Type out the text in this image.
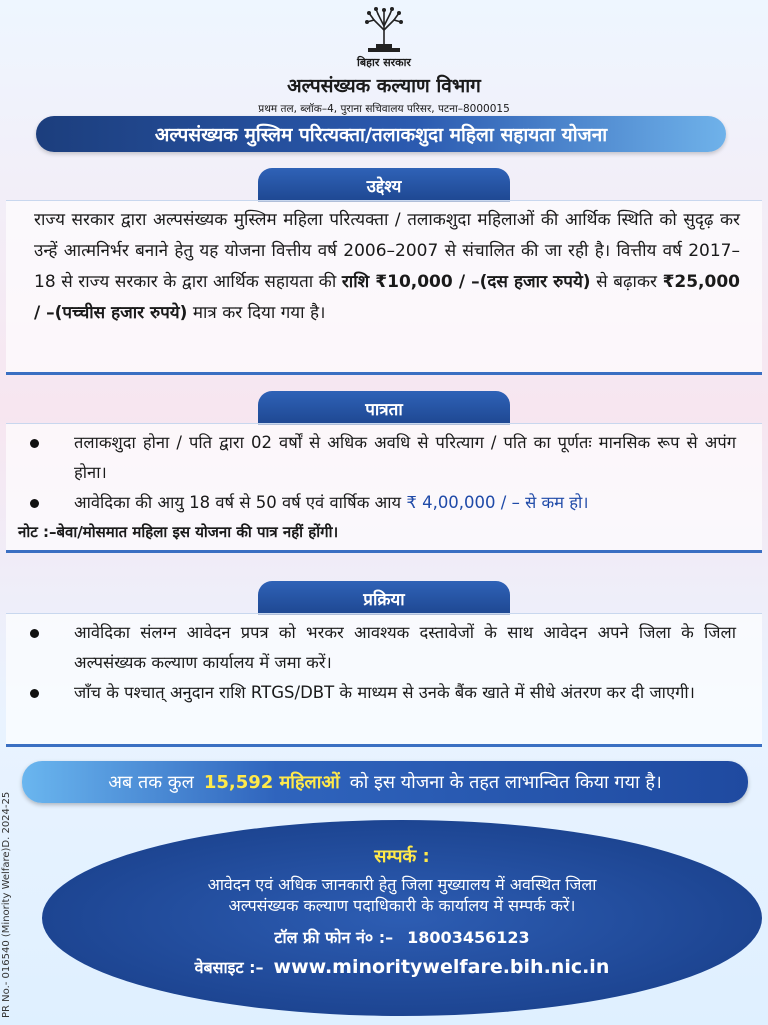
बिहार सरकार
अल्पसंख्यक कल्याण विभाग
प्रथम तल, ब्लॉक–4, पुराना सचिवालय परिसर, पटना–8000015
अल्पसंख्यक मुस्लिम परित्यक्ता/तलाकशुदा महिला सहायता योजना
उद्देश्य
राज्य सरकार द्वारा अल्पसंख्यक मुस्लिम महिला परित्यक्ता / तलाकशुदा महिलाओं की आर्थिक स्थिति को सुदृढ़ कर उन्हें आत्मनिर्भर बनाने हेतु यह योजना वित्तीय वर्ष 2006–2007 से संचालित की जा रही है। वित्तीय वर्ष 2017–18 से राज्य सरकार के द्वारा आर्थिक सहायता की राशि ₹10,000 / –(दस हजार रुपये) से बढ़ाकर ₹25,000 / –(पच्चीस हजार रुपये) मात्र कर दिया गया है।
पात्रता
तलाकशुदा होना / पति द्वारा 02 वर्षों से अधिक अवधि से परित्याग / पति का पूर्णतः मानसिक रूप से अपंग होना।
आवेदिका की आयु 18 वर्ष से 50 वर्ष एवं वार्षिक आय ₹ 4,00,000 / – से कम हो।
नोट :–बेवा/मोसमात महिला इस योजना की पात्र नहीं होंगी।
प्रक्रिया
आवेदिका संलग्न आवेदन प्रपत्र को भरकर आवश्यक दस्तावेजों के साथ आवेदन अपने जिला के जिला अल्पसंख्यक कल्याण कार्यालय में जमा करें।
जाँच के पश्चात् अनुदान राशि RTGS/DBT के माध्यम से उनके बैंक खाते में सीधे अंतरण कर दी जाएगी।
अब तक कुल 15,592 महिलाओं को इस योजना के तहत लाभान्वित किया गया है।
सम्पर्क :
आवेदन एवं अधिक जानकारी हेतु जिला मुख्यालय में अवस्थित जिला
अल्पसंख्यक कल्याण पदाधिकारी के कार्यालय में सम्पर्क करें।
टॉल फ्री फोन नं० :– 18003456123
वेबसाइट :– www.minoritywelfare.bih.nic.in
PR No.- 016540 (Minority Welfare)D. 2024-25
